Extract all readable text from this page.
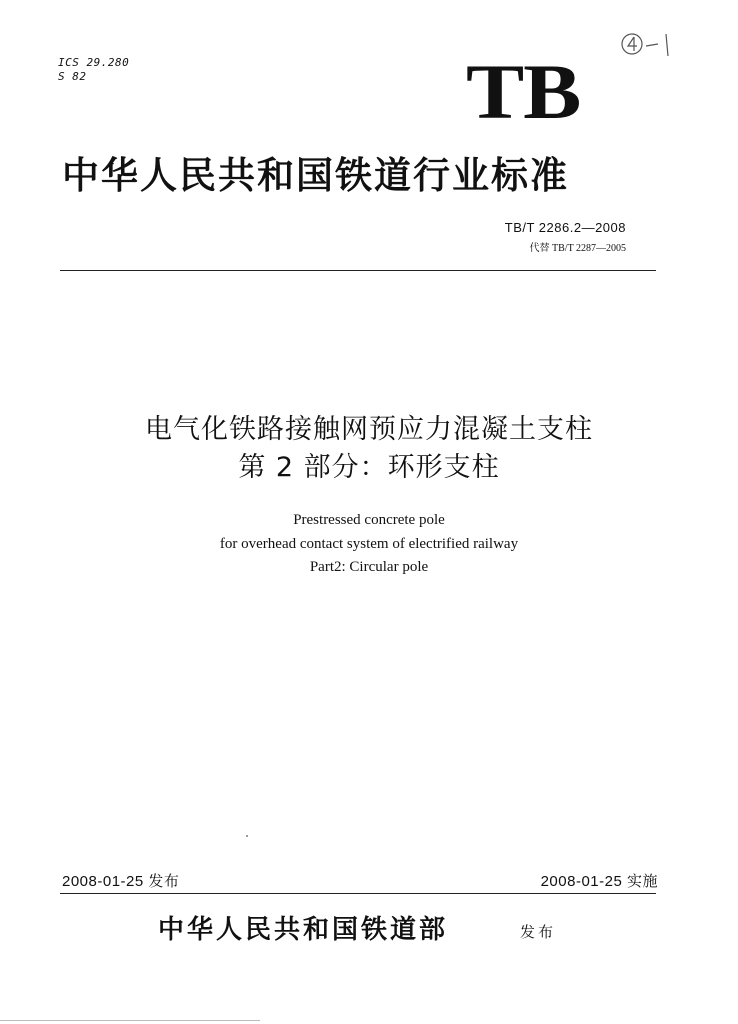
ICS 29.280
S 82	TB
中华人民共和国铁道行业标准
TB/T 2286.2—2008
代替 TB/T 2287—2005
电气化铁路接触网预应力混凝土支柱
第 2 部分：环形支柱
Prestressed concrete pole
for overhead contact system of electrified railway
Part2: Circular pole
2008-01-25 发布	2008-01-25 实施
中华人民共和国铁道部	发布
